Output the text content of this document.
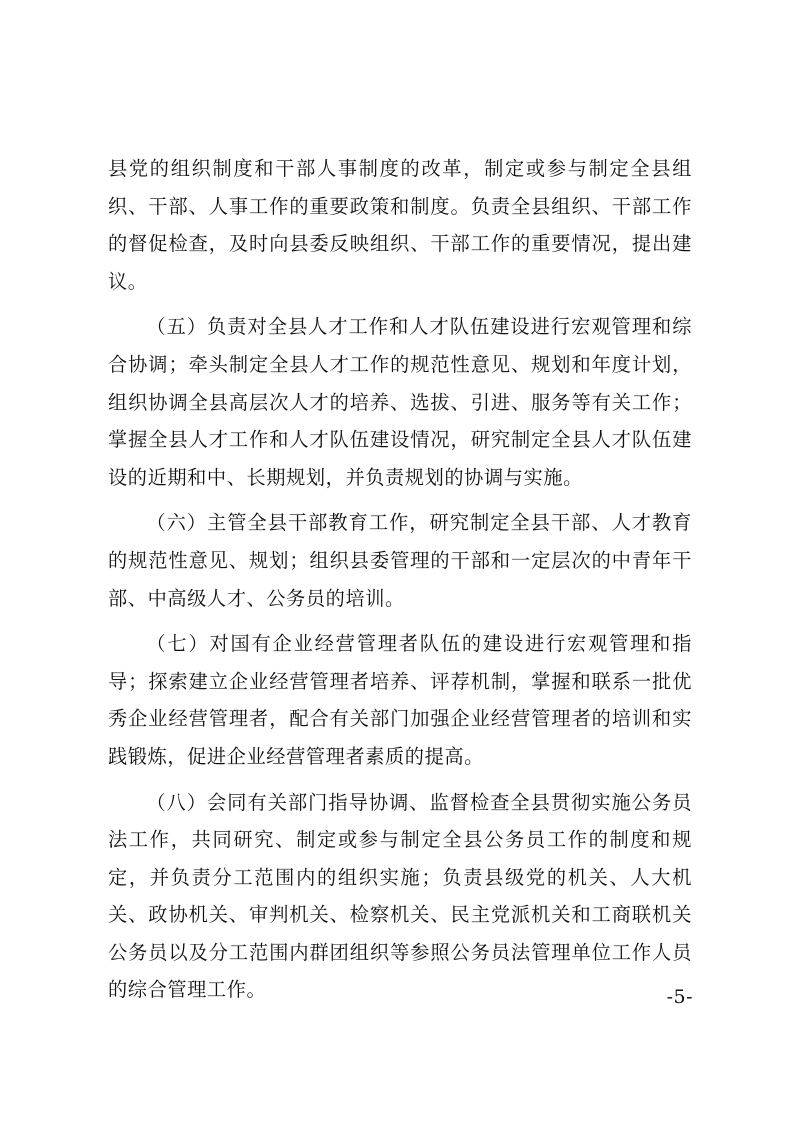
县党的组织制度和干部人事制度的改革，制定或参与制定全县组织、干部、人事工作的重要政策和制度。负责全县组织、干部工作的督促检查，及时向县委反映组织、干部工作的重要情况，提出建议。

（五）负责对全县人才工作和人才队伍建设进行宏观管理和综合协调；牵头制定全县人才工作的规范性意见、规划和年度计划，组织协调全县高层次人才的培养、选拔、引进、服务等有关工作；掌握全县人才工作和人才队伍建设情况，研究制定全县人才队伍建设的近期和中、长期规划，并负责规划的协调与实施。

（六）主管全县干部教育工作，研究制定全县干部、人才教育的规范性意见、规划；组织县委管理的干部和一定层次的中青年干部、中高级人才、公务员的培训。

（七）对国有企业经营管理者队伍的建设进行宏观管理和指导；探索建立企业经营管理者培养、评荐机制，掌握和联系一批优秀企业经营管理者，配合有关部门加强企业经营管理者的培训和实践锻炼，促进企业经营管理者素质的提高。

（八）会同有关部门指导协调、监督检查全县贯彻实施公务员法工作，共同研究、制定或参与制定全县公务员工作的制度和规定，并负责分工范围内的组织实施；负责县级党的机关、人大机关、政协机关、审判机关、检察机关、民主党派机关和工商联机关公务员以及分工范围内群团组织等参照公务员法管理单位工作人员的综合管理工作。	-5-
